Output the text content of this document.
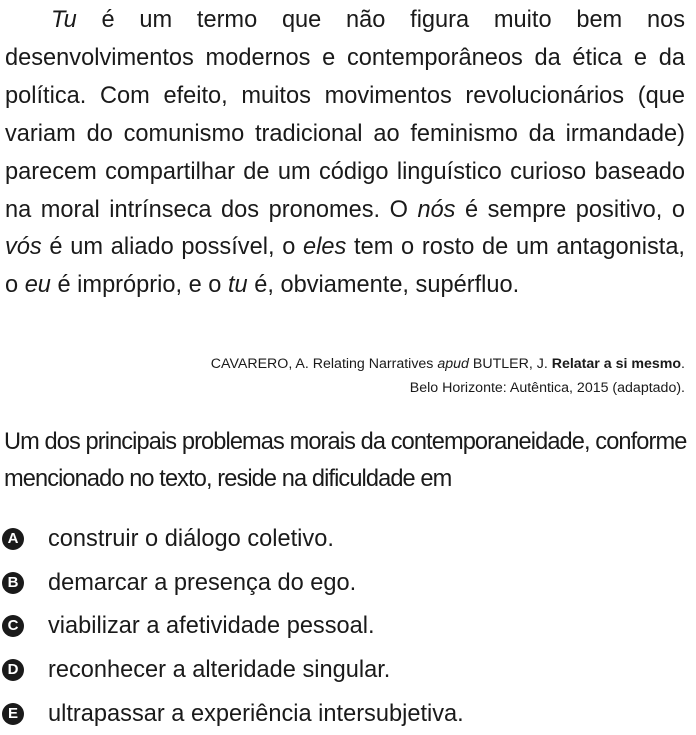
Tu é um termo que não figura muito bem nos desenvolvimentos modernos e contemporâneos da ética e da política. Com efeito, muitos movimentos revolucionários (que variam do comunismo tradicional ao feminismo da irmandade) parecem compartilhar de um código linguístico curioso baseado na moral intrínseca dos pronomes. O nós é sempre positivo, o vós é um aliado possível, o eles tem o rosto de um antagonista, o eu é impróprio, e o tu é, obviamente, supérfluo.

CAVARERO, A. Relating Narratives apud BUTLER, J. Relatar a si mesmo.
Belo Horizonte: Autêntica, 2015 (adaptado).

Um dos principais problemas morais da contemporaneidade, conforme mencionado no texto, reside na dificuldade em

A construir o diálogo coletivo.
B demarcar a presença do ego.
C viabilizar a afetividade pessoal.
D reconhecer a alteridade singular.
E ultrapassar a experiência intersubjetiva.
